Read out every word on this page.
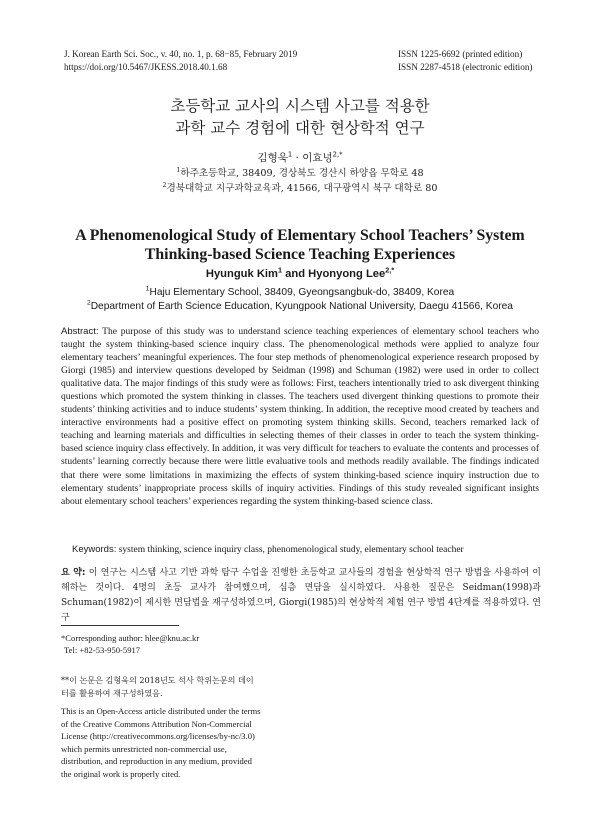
J. Korean Earth Sci. Soc., v. 40, no. 1, p. 68−85, February 2019
https://doi.org/10.5467/JKESS.2018.40.1.68
ISSN 1225-6692 (printed edition)
ISSN 2287-4518 (electronic edition)
초등학교 교사의 시스템 사고를 적용한
과학 교수 경험에 대한 현상학적 연구
김형욱$^1$ · 이효녕$^{2,*}$
$^1$하주초등학교, 38409, 경상북도 경산시 하양읍 무학로 48
$^2$경북대학교 지구과학교육과, 41566, 대구광역시 북구 대학로 80
A Phenomenological Study of Elementary School Teachers’ System
Thinking-based Science Teaching Experiences
Hyunguk Kim$^1$ and Hyonyong Lee$^{2,*}$
$^1$Haju Elementary School, 38409, Gyeongsangbuk-do, 38409, Korea
$^2$Department of Earth Science Education, Kyungpook National University, Daegu 41566, Korea

Abstract: The purpose of this study was to understand science teaching experiences of elementary school teachers who taught the system thinking-based science inquiry class. The phenomenological methods were applied to analyze four elementary teachers’ meaningful experiences. The four step methods of phenomenological experience research proposed by Giorgi (1985) and interview questions developed by Seidman (1998) and Schuman (1982) were used in order to collect qualitative data. The major findings of this study were as follows: First, teachers intentionally tried to ask divergent thinking questions which promoted the system thinking in classes. The teachers used divergent thinking questions to promote their students’ thinking activities and to induce students’ system thinking. In addition, the receptive mood created by teachers and interactive environments had a positive effect on promoting system thinking skills. Second, teachers remarked lack of teaching and learning materials and difficulties in selecting themes of their classes in order to teach the system thinking-based science inquiry class effectively. In addition, it was very difficult for teachers to evaluate the contents and processes of students’ learning correctly because there were little evaluative tools and methods readily available. The findings indicated that there were some limitations in maximizing the effects of system thinking-based science inquiry instruction due to elementary students’ inappropriate process skills of inquiry activities. Findings of this study revealed significant insights about elementary school teachers’ experiences regarding the system thinking-based science class.

Keywords: system thinking, science inquiry class, phenomenological study, elementary school teacher

요 약: 이 연구는 시스템 사고 기반 과학 탐구 수업을 진행한 초등학교 교사들의 경험을 현상학적 연구 방법을 사용하여 이해하는 것이다. 4명의 초등 교사가 참여했으며, 심층 면담을 실시하였다. 사용한 질문은 Seidman(1998)과 Schuman(1982)이 제시한 면담법을 재구성하였으며, Giorgi(1985)의 현상학적 체험 연구 방법 4단계를 적용하였다. 연구

*Corresponding author: hlee@knu.ac.kr
Tel: +82-53-950-5917
**이 논문은 김형욱의 2018년도 석사 학위논문의 데이터를 활용하여 재구성하였음.
This is an Open-Access article distributed under the terms of the Creative Commons Attribution Non-Commercial License (http://creativecommons.org/licenses/by-nc/3.0) which permits unrestricted non-commercial use, distribution, and reproduction in any medium, provided the original work is properly cited.
